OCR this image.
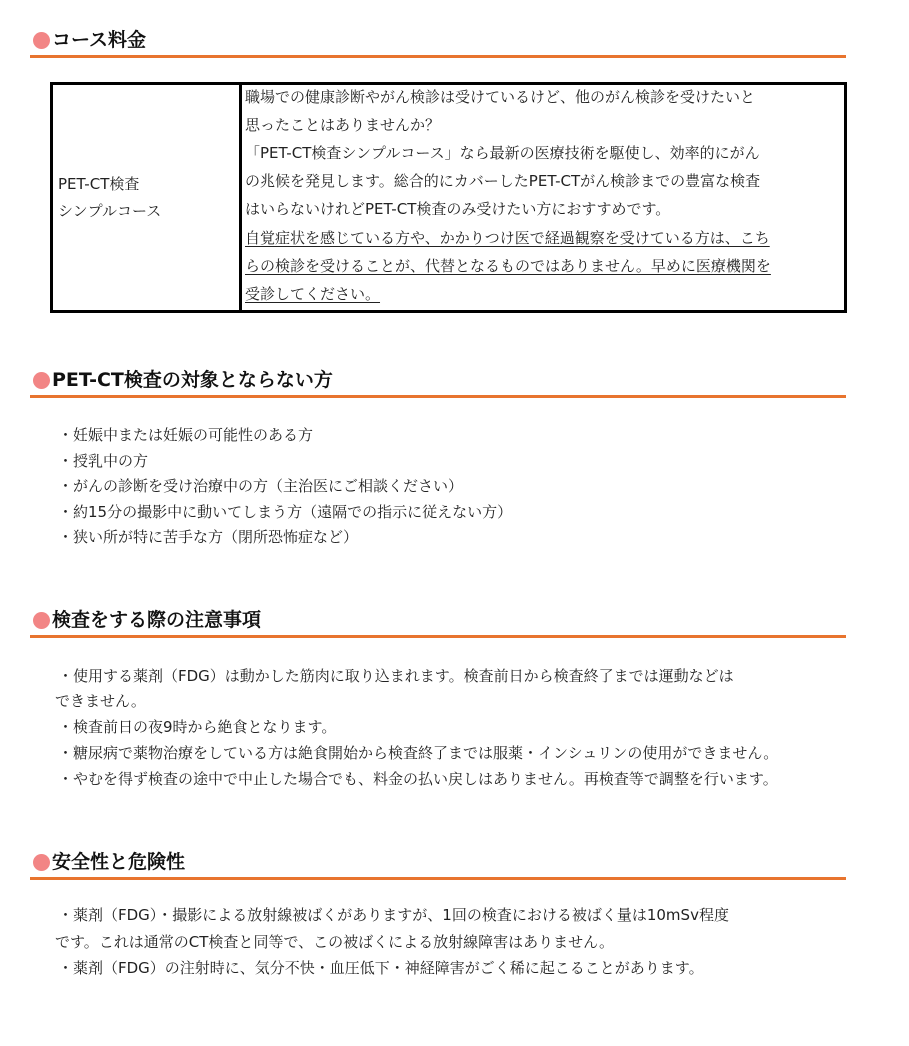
コース料金
PET-CT検査
シンプルコース
職場での健康診断やがん検診は受けているけど、他のがん検診を受けたいと
思ったことはありませんか？
「PET-CT検査シンプルコース」なら最新の医療技術を駆使し、効率的にがん
の兆候を発見します。総合的にカバーしたPET-CTがん検診までの豊富な検査
はいらないけれどPET-CT検査のみ受けたい方におすすめです。
自覚症状を感じている方や、かかりつけ医で経過観察を受けている方は、こち
らの検診を受けることが、代替となるものではありません。早めに医療機関を
受診してください。
PET-CT検査の対象とならない方
・妊娠中または妊娠の可能性のある方
・授乳中の方
・がんの診断を受け治療中の方（主治医にご相談ください）
・約15分の撮影中に動いてしまう方（遠隔での指示に従えない方）
・狭い所が特に苦手な方（閉所恐怖症など）
検査をする際の注意事項
・使用する薬剤（FDG）は動かした筋肉に取り込まれます。検査前日から検査終了までは運動などは
できません。
・検査前日の夜9時から絶食となります。
・糖尿病で薬物治療をしている方は絶食開始から検査終了までは服薬・インシュリンの使用ができません。
・やむを得ず検査の途中で中止した場合でも、料金の払い戻しはありません。再検査等で調整を行います。
安全性と危険性
・薬剤（FDG）・撮影による放射線被ばくがありますが、1回の検査における被ばく量は10mSv程度
です。これは通常のCT検査と同等で、この被ばくによる放射線障害はありません。
・薬剤（FDG）の注射時に、気分不快・血圧低下・神経障害がごく稀に起こることがあります。
